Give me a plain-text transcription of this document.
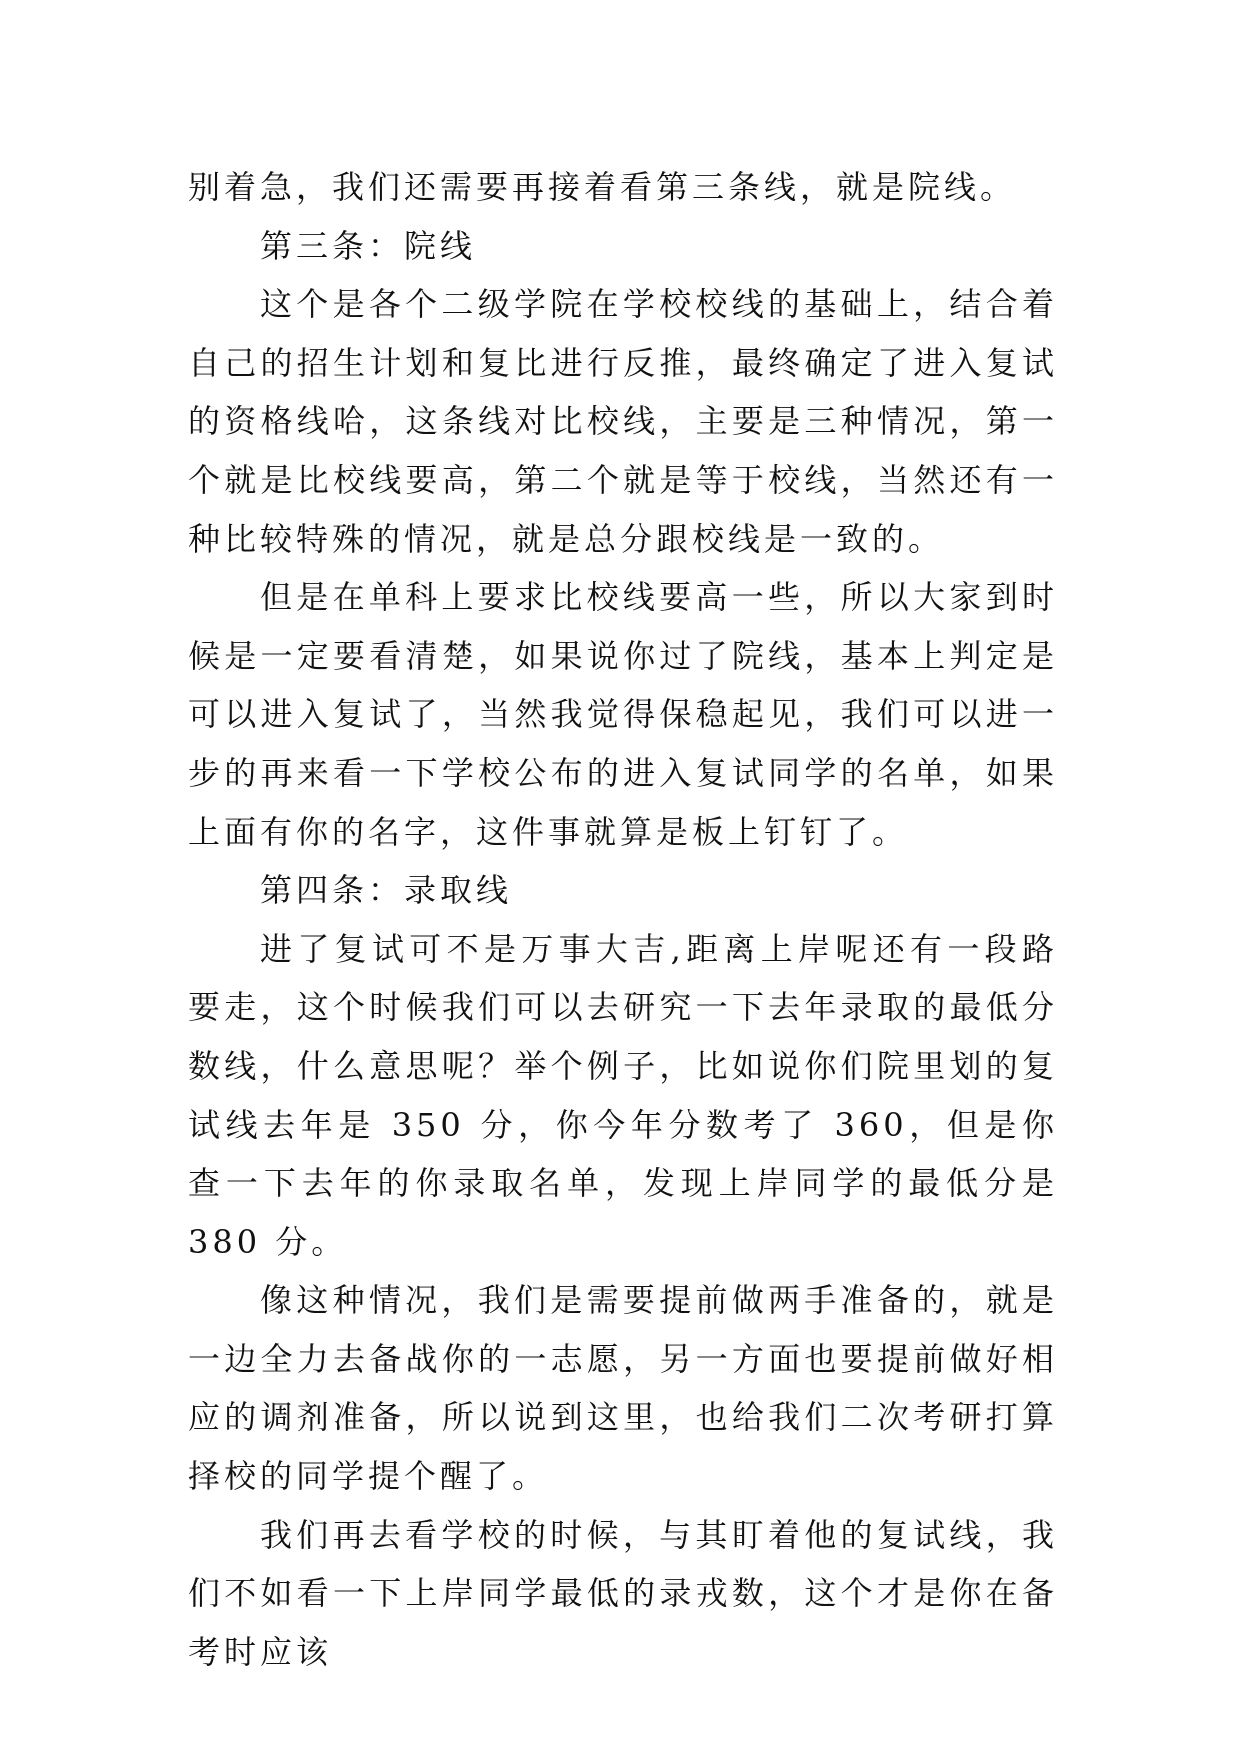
别着急，我们还需要再接着看第三条线，就是院线。

第三条：院线

这个是各个二级学院在学校校线的基础上，结合着自己的招生计划和复比进行反推，最终确定了进入复试的资格线哈，这条线对比校线，主要是三种情况，第一个就是比校线要高，第二个就是等于校线，当然还有一种比较特殊的情况，就是总分跟校线是一致的。

但是在单科上要求比校线要高一些，所以大家到时候是一定要看清楚，如果说你过了院线，基本上判定是可以进入复试了，当然我觉得保稳起见，我们可以进一步的再来看一下学校公布的进入复试同学的名单，如果上面有你的名字，这件事就算是板上钉钉了。

第四条：录取线

进了复试可不是万事大吉,距离上岸呢还有一段路要走，这个时候我们可以去研究一下去年录取的最低分数线，什么意思呢？举个例子，比如说你们院里划的复试线去年是 350 分，你今年分数考了 360，但是你查一下去年的你录取名单，发现上岸同学的最低分是 380 分。

像这种情况，我们是需要提前做两手准备的，就是一边全力去备战你的一志愿，另一方面也要提前做好相应的调剂准备，所以说到这里，也给我们二次考研打算择校的同学提个醒了。

我们再去看学校的时候，与其盯着他的复试线，我们不如看一下上岸同学最低的录戎数，这个才是你在备考时应该
